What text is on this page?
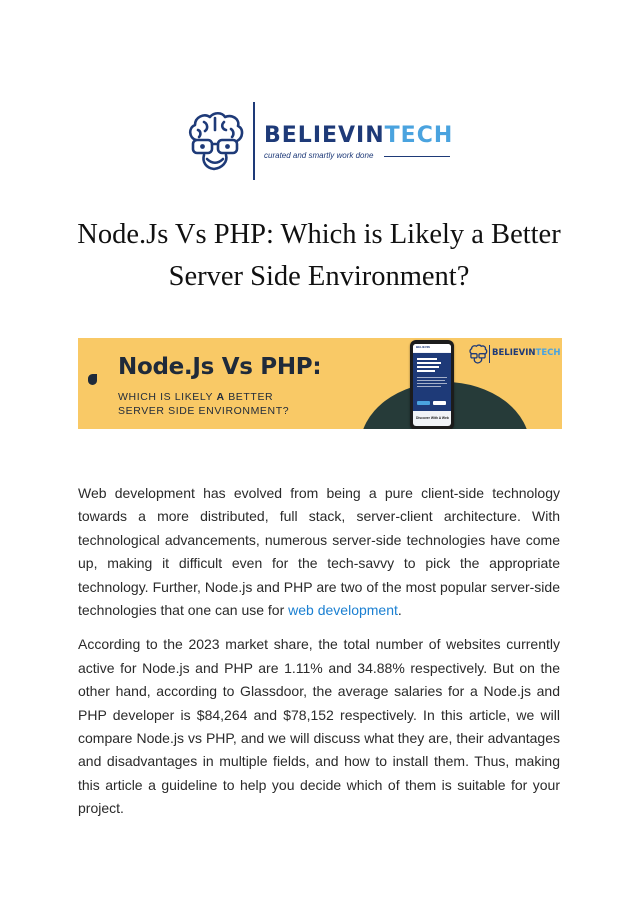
BELIEVINTECH
curated and smartly work done
Node.Js Vs PHP: Which is Likely a Better Server Side Environment?
Node.Js Vs PHP:
WHICH IS LIKELY A BETTER
SERVER SIDE ENVIRONMENT?
BELIEVIN
Discover With A Web
BELIEVINTECH

Web development has evolved from being a pure client-side technology towards a more distributed, full stack, server-client architecture. With technological advancements, numerous server-side technologies have come up, making it difficult even for the tech-savvy to pick the appropriate technology. Further, Node.js and PHP are two of the most popular server-side technologies that one can use for web development.

According to the 2023 market share, the total number of websites currently active for Node.js and PHP are 1.11% and 34.88% respectively. But on the other hand, according to Glassdoor, the average salaries for a Node.js and PHP developer is $84,264 and $78,152 respectively. In this article, we will compare Node.js vs PHP, and we will discuss what they are, their advantages and disadvantages in multiple fields, and how to install them. Thus, making this article a guideline to help you decide which of them is suitable for your project.
